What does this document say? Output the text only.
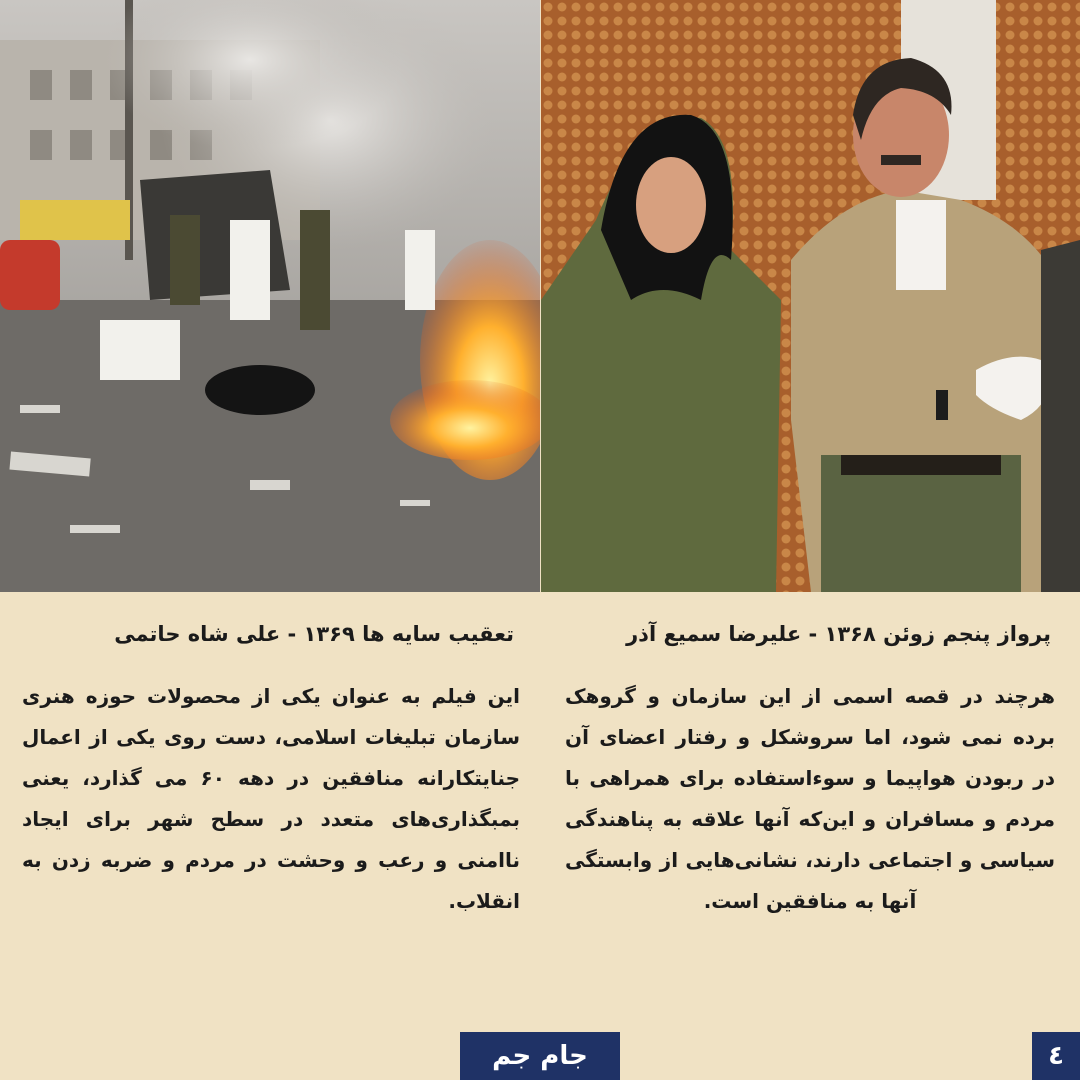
تعقیب سایه ها ۱۳۶۹ - علی شاه حاتمی
این فیلم به عنوان یکی از محصولات حوزه هنری سازمان تبلیغات اسلامی، دست روی یکی از اعمال جنایتکارانه منافقین در دهه ۶۰ می گذارد، یعنی بمبگذاری‌های متعدد در سطح شهر برای ایجاد ناامنی و رعب و وحشت در مردم و ضربه زدن به انقلاب.
پرواز پنجم زوئن ۱۳۶۸ - علیرضا سمیع آذر
هرچند در قصه اسمی از این سازمان و گروهک برده نمی شود، اما سروشکل و رفتار اعضای آن در ربودن هواپیما و سوءاستفاده برای همراهی با مردم و مسافران و این‌که آنها علاقه به پناهندگی سیاسی و اجتماعی دارند، نشانی‌هایی از وابستگی آنها به منافقین است.
جام جم	٤
